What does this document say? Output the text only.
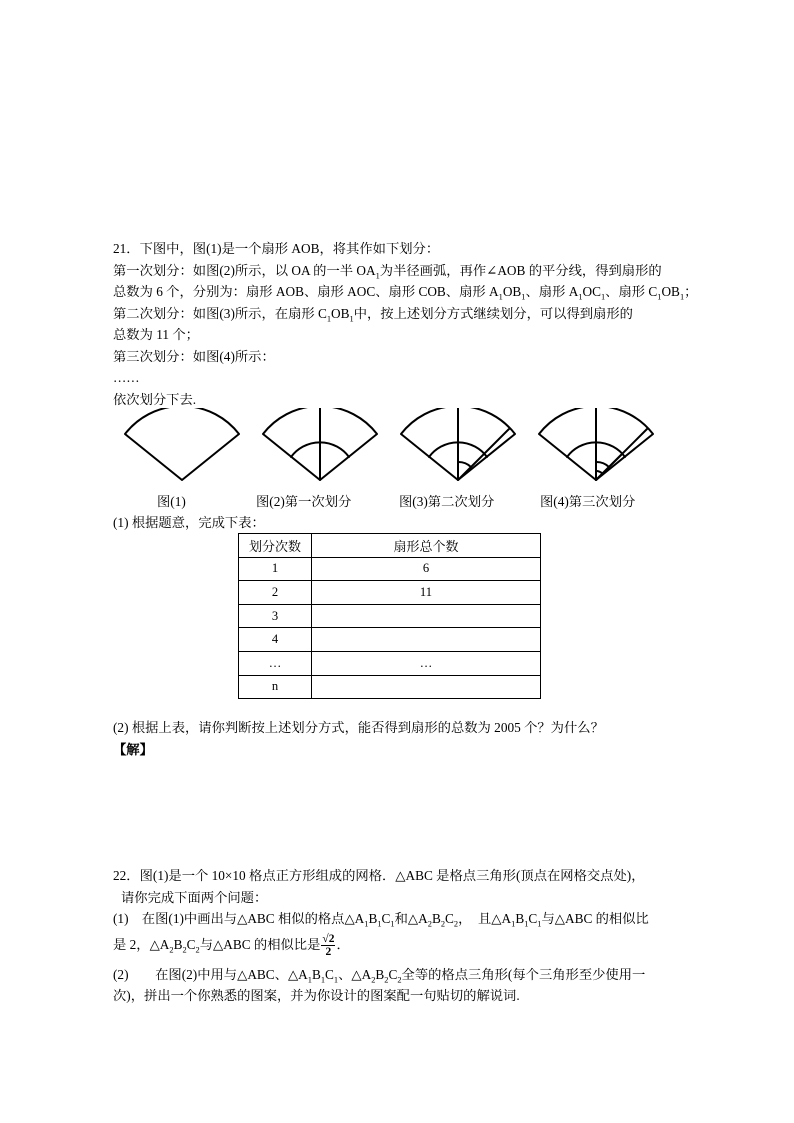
21．下图中，图(1)是一个扇形 AOB，将其作如下划分：
第一次划分：如图(2)所示，以 OA 的一半 $OA_1$为半径画弧，再作∠AOB 的平分线，得到扇形的
总数为 6 个，分别为：扇形 AOB、扇形 AOC、扇形 COB、扇形 $A_1OB_1$、扇形 $A_1OC_1$、扇形 $C_1OB_1$；
第二次划分：如图(3)所示，在扇形 $C_1OB_1$中，按上述划分方式继续划分，可以得到扇形的
总数为 11 个；
第三次划分：如图(4)所示：
……
依次划分下去.
图(1)	图(2)第一次划分	图(3)第二次划分	图(4)第三次划分
(1) 根据题意，完成下表：
划分次数	扇形总个数
1	6
2	11
3	
4	
…	…
n	
(2) 根据上表，请你判断按上述划分方式，能否得到扇形的总数为 2005 个？为什么？
【解】
22．图(1)是一个 10×10 格点正方形组成的网格．△ABC 是格点三角形(顶点在网格交点处)，
请你完成下面两个问题：
(1)　在图(1)中画出与△ABC 相似的格点$\triangle A_1B_1C_1$和$\triangle A_2B_2C_2$，　且$\triangle A_1B_1C_1$与△ABC 的相似比
是 2，$\triangle A_2B_2C_2$与△ABC 的相似比是 $\frac{√2}{2}$ ．
(2)　　在图(2)中用与△ABC、$\triangle A_1B_1C_1$、$\triangle A_2B_2C_2$全等的格点三角形(每个三角形至少使用一
次)，拼出一个你熟悉的图案，并为你设计的图案配一句贴切的解说词.
